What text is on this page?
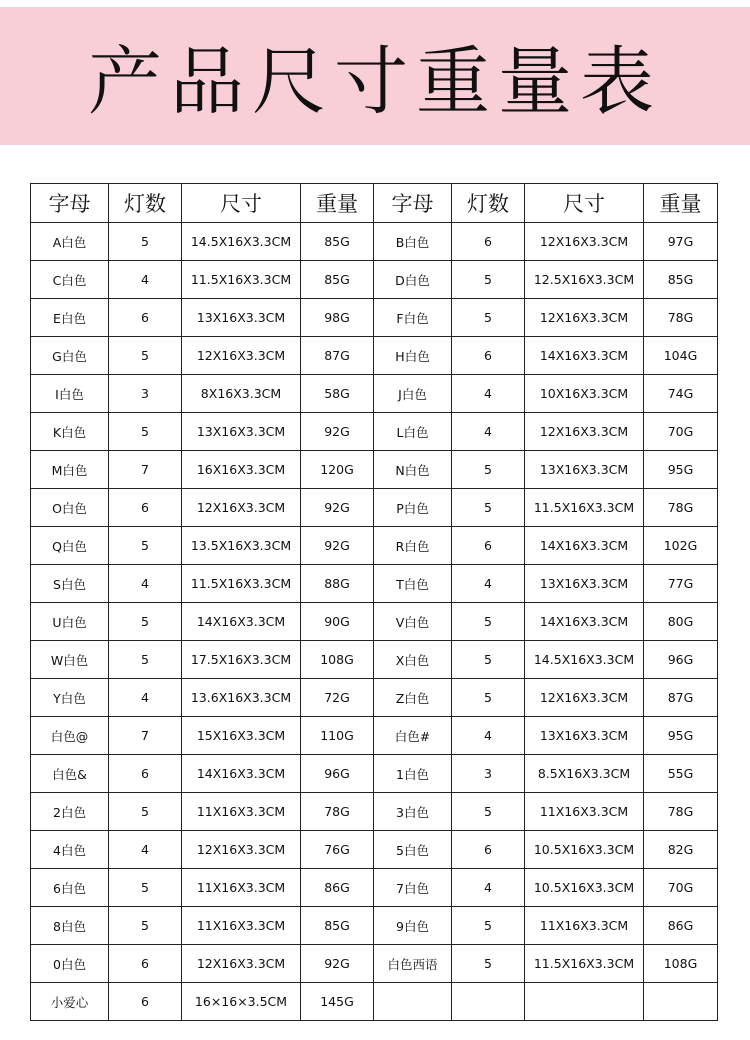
产品尺寸重量表
字母	灯数	尺寸	重量	字母	灯数	尺寸	重量
A白色	5	14.5X16X3.3CM	85G	B白色	6	12X16X3.3CM	97G
C白色	4	11.5X16X3.3CM	85G	D白色	5	12.5X16X3.3CM	85G
E白色	6	13X16X3.3CM	98G	F白色	5	12X16X3.3CM	78G
G白色	5	12X16X3.3CM	87G	H白色	6	14X16X3.3CM	104G
I白色	3	8X16X3.3CM	58G	J白色	4	10X16X3.3CM	74G
K白色	5	13X16X3.3CM	92G	L白色	4	12X16X3.3CM	70G
M白色	7	16X16X3.3CM	120G	N白色	5	13X16X3.3CM	95G
O白色	6	12X16X3.3CM	92G	P白色	5	11.5X16X3.3CM	78G
Q白色	5	13.5X16X3.3CM	92G	R白色	6	14X16X3.3CM	102G
S白色	4	11.5X16X3.3CM	88G	T白色	4	13X16X3.3CM	77G
U白色	5	14X16X3.3CM	90G	V白色	5	14X16X3.3CM	80G
W白色	5	17.5X16X3.3CM	108G	X白色	5	14.5X16X3.3CM	96G
Y白色	4	13.6X16X3.3CM	72G	Z白色	5	12X16X3.3CM	87G
白色@	7	15X16X3.3CM	110G	白色#	4	13X16X3.3CM	95G
白色&	6	14X16X3.3CM	96G	1白色	3	8.5X16X3.3CM	55G
2白色	5	11X16X3.3CM	78G	3白色	5	11X16X3.3CM	78G
4白色	4	12X16X3.3CM	76G	5白色	6	10.5X16X3.3CM	82G
6白色	5	11X16X3.3CM	86G	7白色	4	10.5X16X3.3CM	70G
8白色	5	11X16X3.3CM	85G	9白色	5	11X16X3.3CM	86G
0白色	6	12X16X3.3CM	92G	白色西语	5	11.5X16X3.3CM	108G
小爱心	6	16×16×3.5CM	145G				
